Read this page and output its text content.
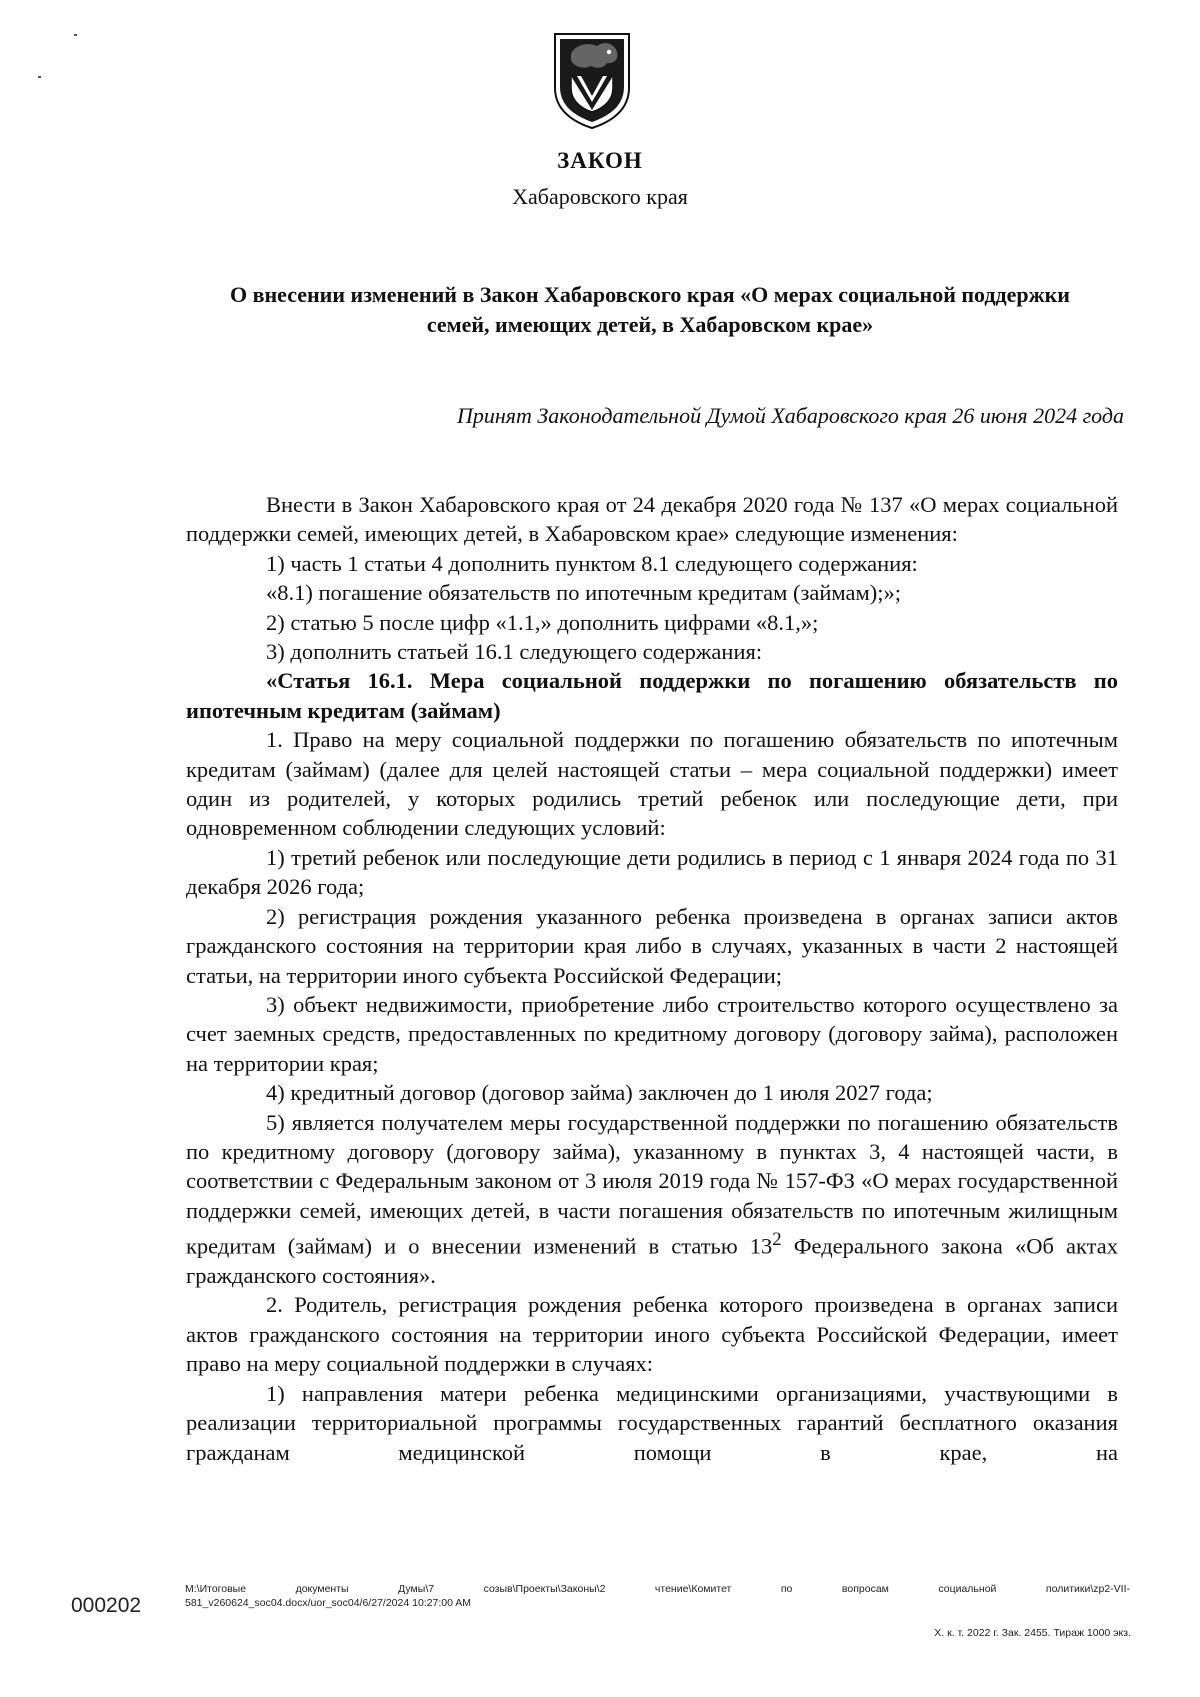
ЗАКОН
Хабаровского края
О внесении изменений в Закон Хабаровского края «О мерах социальной поддержки семей, имеющих детей, в Хабаровском крае»
Принят Законодательной Думой Хабаровского края 26 июня 2024 года

Внести в Закон Хабаровского края от 24 декабря 2020 года № 137 «О мерах социальной поддержки семей, имеющих детей, в Хабаровском крае» следующие изменения:

1) часть 1 статьи 4 дополнить пунктом 8.1 следующего содержания:

«8.1) погашение обязательств по ипотечным кредитам (займам);»;

2) статью 5 после цифр «1.1,» дополнить цифрами «8.1,»;

3) дополнить статьей 16.1 следующего содержания:

«Статья 16.1. Мера социальной поддержки по погашению обязательств по ипотечным кредитам (займам)

1. Право на меру социальной поддержки по погашению обязательств по ипотечным кредитам (займам) (далее для целей настоящей статьи – мера социальной поддержки) имеет один из родителей, у которых родились третий ребенок или последующие дети, при одновременном соблюдении следующих условий:

1) третий ребенок или последующие дети родились в период с 1 января 2024 года по 31 декабря 2026 года;

2) регистрация рождения указанного ребенка произведена в органах записи актов гражданского состояния на территории края либо в случаях, указанных в части 2 настоящей статьи, на территории иного субъекта Российской Федерации;

3) объект недвижимости, приобретение либо строительство которого осуществлено за счет заемных средств, предоставленных по кредитному договору (договору займа), расположен на территории края;

4) кредитный договор (договор займа) заключен до 1 июля 2027 года;

5) является получателем меры государственной поддержки по погашению обязательств по кредитному договору (договору займа), указанному в пунктах 3, 4 настоящей части, в соответствии с Федеральным законом от 3 июля 2019 года № 157-ФЗ «О мерах государственной поддержки семей, имеющих детей, в части погашения обязательств по ипотечным жилищным кредитам (займам) и о внесении изменений в статью $13^2$ Федерального закона «Об актах гражданского состояния».

2. Родитель, регистрация рождения ребенка которого произведена в органах записи актов гражданского состояния на территории иного субъекта Российской Федерации, имеет право на меру социальной поддержки в случаях:

1) направления матери ребенка медицинскими организациями, участвующими в реализации территориальной программы государственных гарантий бесплатного оказания гражданам медицинской помощи в крае, на

000202
М:\Итоговые документы Думы\7 созыв\Проекты\Законы\2 чтение\Комитет по вопросам социальной политики\zp2-VII-
581_v260624_soc04.docx/uor_soc04/6/27/2024 10:27:00 AM
Х. к. т. 2022 г. Зак. 2455. Тираж 1000 экз.
